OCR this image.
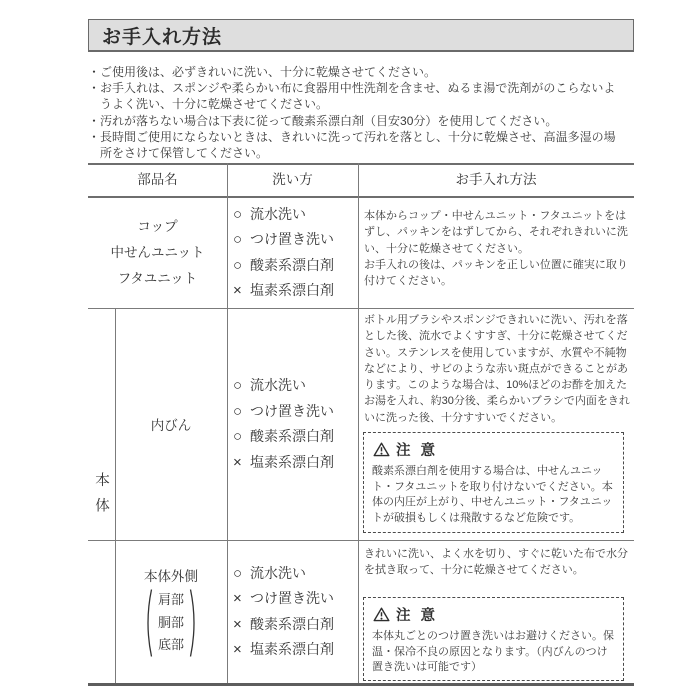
お手入れ方法
・ ご使用後は、必ずきれいに洗い、十分に乾燥させてください。
・ お手入れは、スポンジや柔らかい布に食器用中性洗剤を含ませ、ぬるま湯で洗剤がのこらないようよく洗い、十分に乾燥させてください。
・ 汚れが落ちない場合は下表に従って酸素系漂白剤（目安30分）を使用してください。
・ 長時間ご使用にならないときは、きれいに洗って汚れを落とし、十分に乾燥させ、高温多湿の場所をさけて保管してください。
部品名	洗い方	お手入れ方法
コップ
中せんユニット
フタユニット
○ 流水洗い
○ つけ置き洗い
○ 酸素系漂白剤
× 塩素系漂白剤
本体からコップ・中せんユニット・フタユニットをはずし、パッキンをはずしてから、それぞれきれいに洗い、十分に乾燥させてください。
お手入れの後は、パッキンを正しい位置に確実に取り付けてください。
本体
内びん
○ 流水洗い
○ つけ置き洗い
○ 酸素系漂白剤
× 塩素系漂白剤
ボトル用ブラシやスポンジできれいに洗い、汚れを落とした後、流水でよくすすぎ、十分に乾燥させてください。ステンレスを使用していますが、水質や不純物などにより、サビのような赤い斑点ができることがあります。このような場合は、10%ほどのお酢を加えたお湯を入れ、約30分後、柔らかいブラシで内面をきれいに洗った後、十分すすいでください。
注 意
酸素系漂白剤を使用する場合は、中せんユニット・フタユニットを取り付けないでください。本体の内圧が上がり、中せんユニット・フタユニットが破損もしくは飛散するなど危険です。
本体外側
肩部
胴部
底部
○ 流水洗い
× つけ置き洗い
× 酸素系漂白剤
× 塩素系漂白剤
きれいに洗い、よく水を切り、すぐに乾いた布で水分を拭き取って、十分に乾燥させてください。
注 意
本体丸ごとのつけ置き洗いはお避けください。保温・保冷不良の原因となります。（内びんのつけ置き洗いは可能です）
